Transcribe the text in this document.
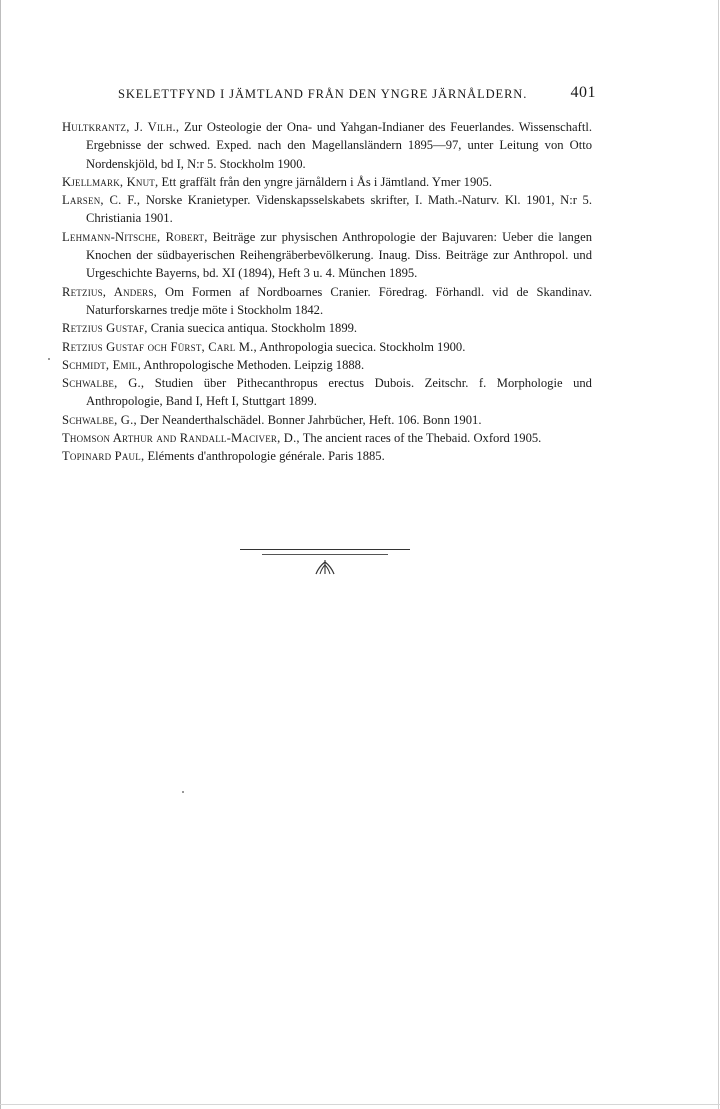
SKELETTFYND I JÄMTLAND FRÅN DEN YNGRE JÄRNÅLDERN.	401
Hultkrantz, J. Vilh., Zur Osteologie der Ona- und Yahgan-Indianer des Feuerlandes. Wissenschaftl. Ergebnisse der schwed. Exped. nach den Magellansländern 1895—97, unter Leitung von Otto Nordenskjöld, bd I, N:r 5. Stockholm 1900.
Kjellmark, Knut, Ett graffält från den yngre järnåldern i Ås i Jämtland. Ymer 1905.
Larsen, C. F., Norske Kranietyper. Videnskapsselskabets skrifter, I. Math.-Naturv. Kl. 1901, N:r 5. Christiania 1901.
Lehmann-Nitsche, Robert, Beiträge zur physischen Anthropologie der Bajuvaren: Ueber die langen Knochen der südbayerischen Reihengräberbevölkerung. Inaug. Diss. Beiträge zur Anthropol. und Urgeschichte Bayerns, bd. XI (1894), Heft 3 u. 4. München 1895.
Retzius, Anders, Om Formen af Nordboarnes Cranier. Föredrag. Förhandl. vid de Skandinav. Naturforskarnes tredje möte i Stockholm 1842.
Retzius Gustaf, Crania suecica antiqua. Stockholm 1899.
Retzius Gustaf och Fürst, Carl M., Anthropologia suecica. Stockholm 1900.
Schmidt, Emil, Anthropologische Methoden. Leipzig 1888.
Schwalbe, G., Studien über Pithecanthropus erectus Dubois. Zeitschr. f. Morphologie und Anthropologie, Band I, Heft I, Stuttgart 1899.
Schwalbe, G., Der Neanderthalschädel. Bonner Jahrbücher, Heft. 106. Bonn 1901.
Thomson Arthur and Randall-Maciver, D., The ancient races of the Thebaid. Oxford 1905.
Topinard Paul, Eléments d'anthropologie générale. Paris 1885.
